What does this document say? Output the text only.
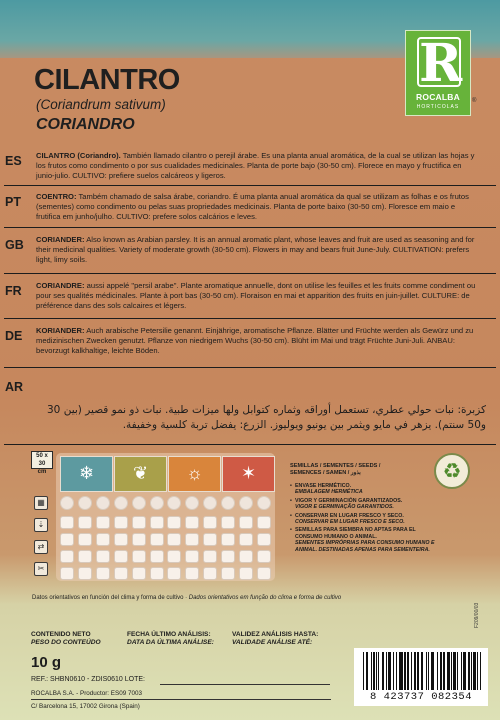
CILANTRO
(Coriandrum sativum)
CORIANDRO
R
ROCALBA
HORTICOLAS
®
ES CILANTRO (Coriandro). También llamado cilantro o perejil árabe. Es una planta anual aromática, de la cual se utilizan las hojas y los frutos como condimento o por sus cualidades medicinales. Planta de porte bajo (30-50 cm). Florece en mayo y fructifica en junio-julio. CULTIVO: prefiere suelos calcáreos y ligeros.
PT COENTRO: Também chamado de salsa árabe, coriandro. É uma planta anual aromática da qual se utilizam as folhas e os frutos (sementes) como condimento ou pelas suas propriedades medicinais. Planta de porte baixo (30-50 cm). Floresce em maio e frutifica em junho/julho. CULTIVO: prefere solos calcários e leves.
GB CORIANDER: Also known as Arabian parsley. It is an annual aromatic plant, whose leaves and fruit are used as seasoning and for their medicinal qualities. Variety of moderate growth (30-50 cm). Flowers in may and bears fruit June-July. CULTIVATION: prefers light, limy soils.
FR CORIANDRE: aussi appelé "persil arabe". Plante aromatique annuelle, dont on utilise les feuilles et les fruits comme condiment ou pour ses qualités médicinales. Plante à port bas (30-50 cm). Floraison en mai et apparition des fruits en juin-juillet. CULTURE: de préférence dans des sols calcaires et légers.
DE KORIANDER: Auch arabische Petersilie genannt. Einjährige, aromatische Pflanze. Blätter und Früchte werden als Gewürz und zu medizinischen Zwecken genutzt. Pflanze von niedrigem Wuchs (30-50 cm). Blüht im Mai und trägt Früchte Juni-Juli. ANBAU: bevorzugt kalkhaltige, leichte Böden.
AR
كزبرة: نبات حولي عطري، تستعمل أوراقه وثماره كتوابل ولها ميزات طبية. نبات ذو نمو قصير (بين 30 و50 سنتم). يزهر في مايو ويثمر بين يونيو ويوليوز. الزرع: يفضل تربة كلسية وخفيفة.
50 x 30
cm	❄	❦	☼	✶
▦
⇣
⇄
✂
SEMILLAS / SEMENTES / SEEDS /
SEMENCES / SAMEN / بذور
• ENVASE HERMÉTICO.
EMBALAGEM HERMÉTICA
• VIGOR Y GERMINACIÓN GARANTIZADOS.
VIGOR E GERMINAÇÃO GARANTIDOS.
• CONSERVAR EN LUGAR FRESCO Y SECO.
CONSERVAR EM LUGAR FRESCO E SECO.
• SEMILLAS PARA SIEMBRA NO APTAS PARA EL CONSUMO HUMANO O ANIMAL.
SEMENTES IMPRÓPRIAS PARA CONSUMO HUMANO E ANIMAL. DESTINADAS APENAS PARA SEMENTEIRA.
♻
Datos orientativos en función del clima y forma de cultivo · Dados orientativos em função do clima e forma de cultivo
CONTENIDO NETO
PESO DO CONTEÚDO
10 g
FECHA ÚLTIMO ANÁLISIS:
DATA DA ÚLTIMA ANÁLISE:
VALIDEZ ANÁLISIS HASTA:
VALIDADE ANÁLISE ATÉ:
REF.: SHBN0610 - ZDIS0610 LOTE:
ROCALBA S.A. - Productor: ES09 7003
C/ Barcelona 15, 17002 Girona (Spain)
8 423737 082354
F209/00/03
